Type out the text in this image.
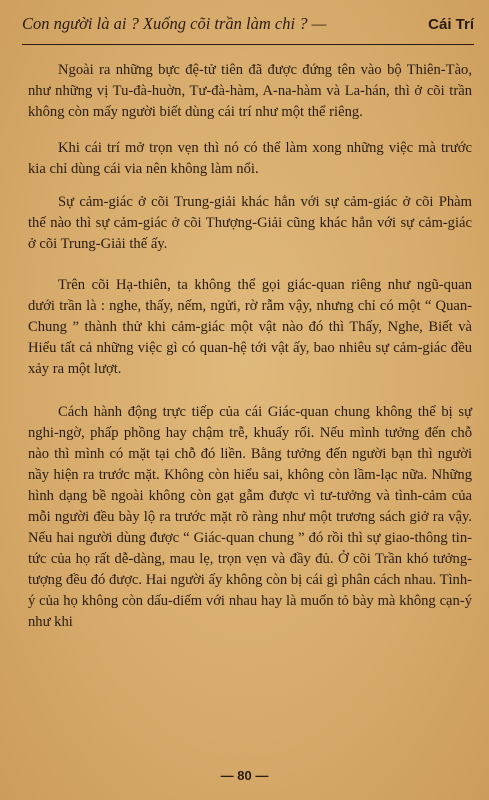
Con người là ai ? Xuống cõi trần làm chi ? —	Cái Trí

Ngoài ra những bực đệ-tử tiên đã được đứng tên vào bộ Thiên-Tào, như những vị Tu-đà-huờn, Tư-đà-hàm, A-na-hàm và La-hán, thì ở cõi trần không còn mấy người biết dùng cái trí như một thể riêng.

Khi cái trí mở trọn vẹn thì nó có thể làm xong những việc mà trước kia chỉ dùng cái via nên không làm nổi.

Sự cảm-giác ở cõi Trung-giải khác hẳn với sự cảm-giác ở cõi Phàm thế nào thì sự cảm-giác ở cõi Thượng-Giải cũng khác hẳn với sự cảm-giác ở cõi Trung-Giải thế ấy.

Trên cõi Hạ-thiên, ta không thể gọi giác-quan riêng như ngũ-quan dưới trần là : nghe, thấy, nếm, ngửi, rờ rẫm vậy, nhưng chỉ có một “ Quan-Chung ” thành thử khi cảm-giác một vật nào đó thì Thấy, Nghe, Biết và Hiểu tất cả những việc gì có quan-hệ tới vật ấy, bao nhiêu sự cảm-giác đều xảy ra một lượt.

Cách hành động trực tiếp của cái Giác-quan chung không thể bị sự nghi-ngờ, phấp phồng hay chậm trễ, khuấy rối. Nếu mình tưởng đến chỗ nào thì mình có mặt tại chỗ đó liền. Bằng tưởng đến người bạn thì người nầy hiện ra trước mặt. Không còn hiểu sai, không còn lầm-lạc nữa. Những hình dạng bề ngoài không còn gạt gẫm được vì tư-tưởng và tình-cảm của mỗi người đều bày lộ ra trước mặt rõ ràng như một trương sách giở ra vậy. Nếu hai người dùng được “ Giác-quan chung ” đó rồi thì sự giao-thông tin-tức của họ rất dễ-dàng, mau lẹ, trọn vẹn và đầy đủ. Ở cõi Trần khó tưởng-tượng đều đó được. Hai người ấy không còn bị cái gì phân cách nhau. Tình-ý của họ không còn dấu-diếm với nhau hay là muốn tỏ bày mà không cạn-ý như khi

— 80 —
